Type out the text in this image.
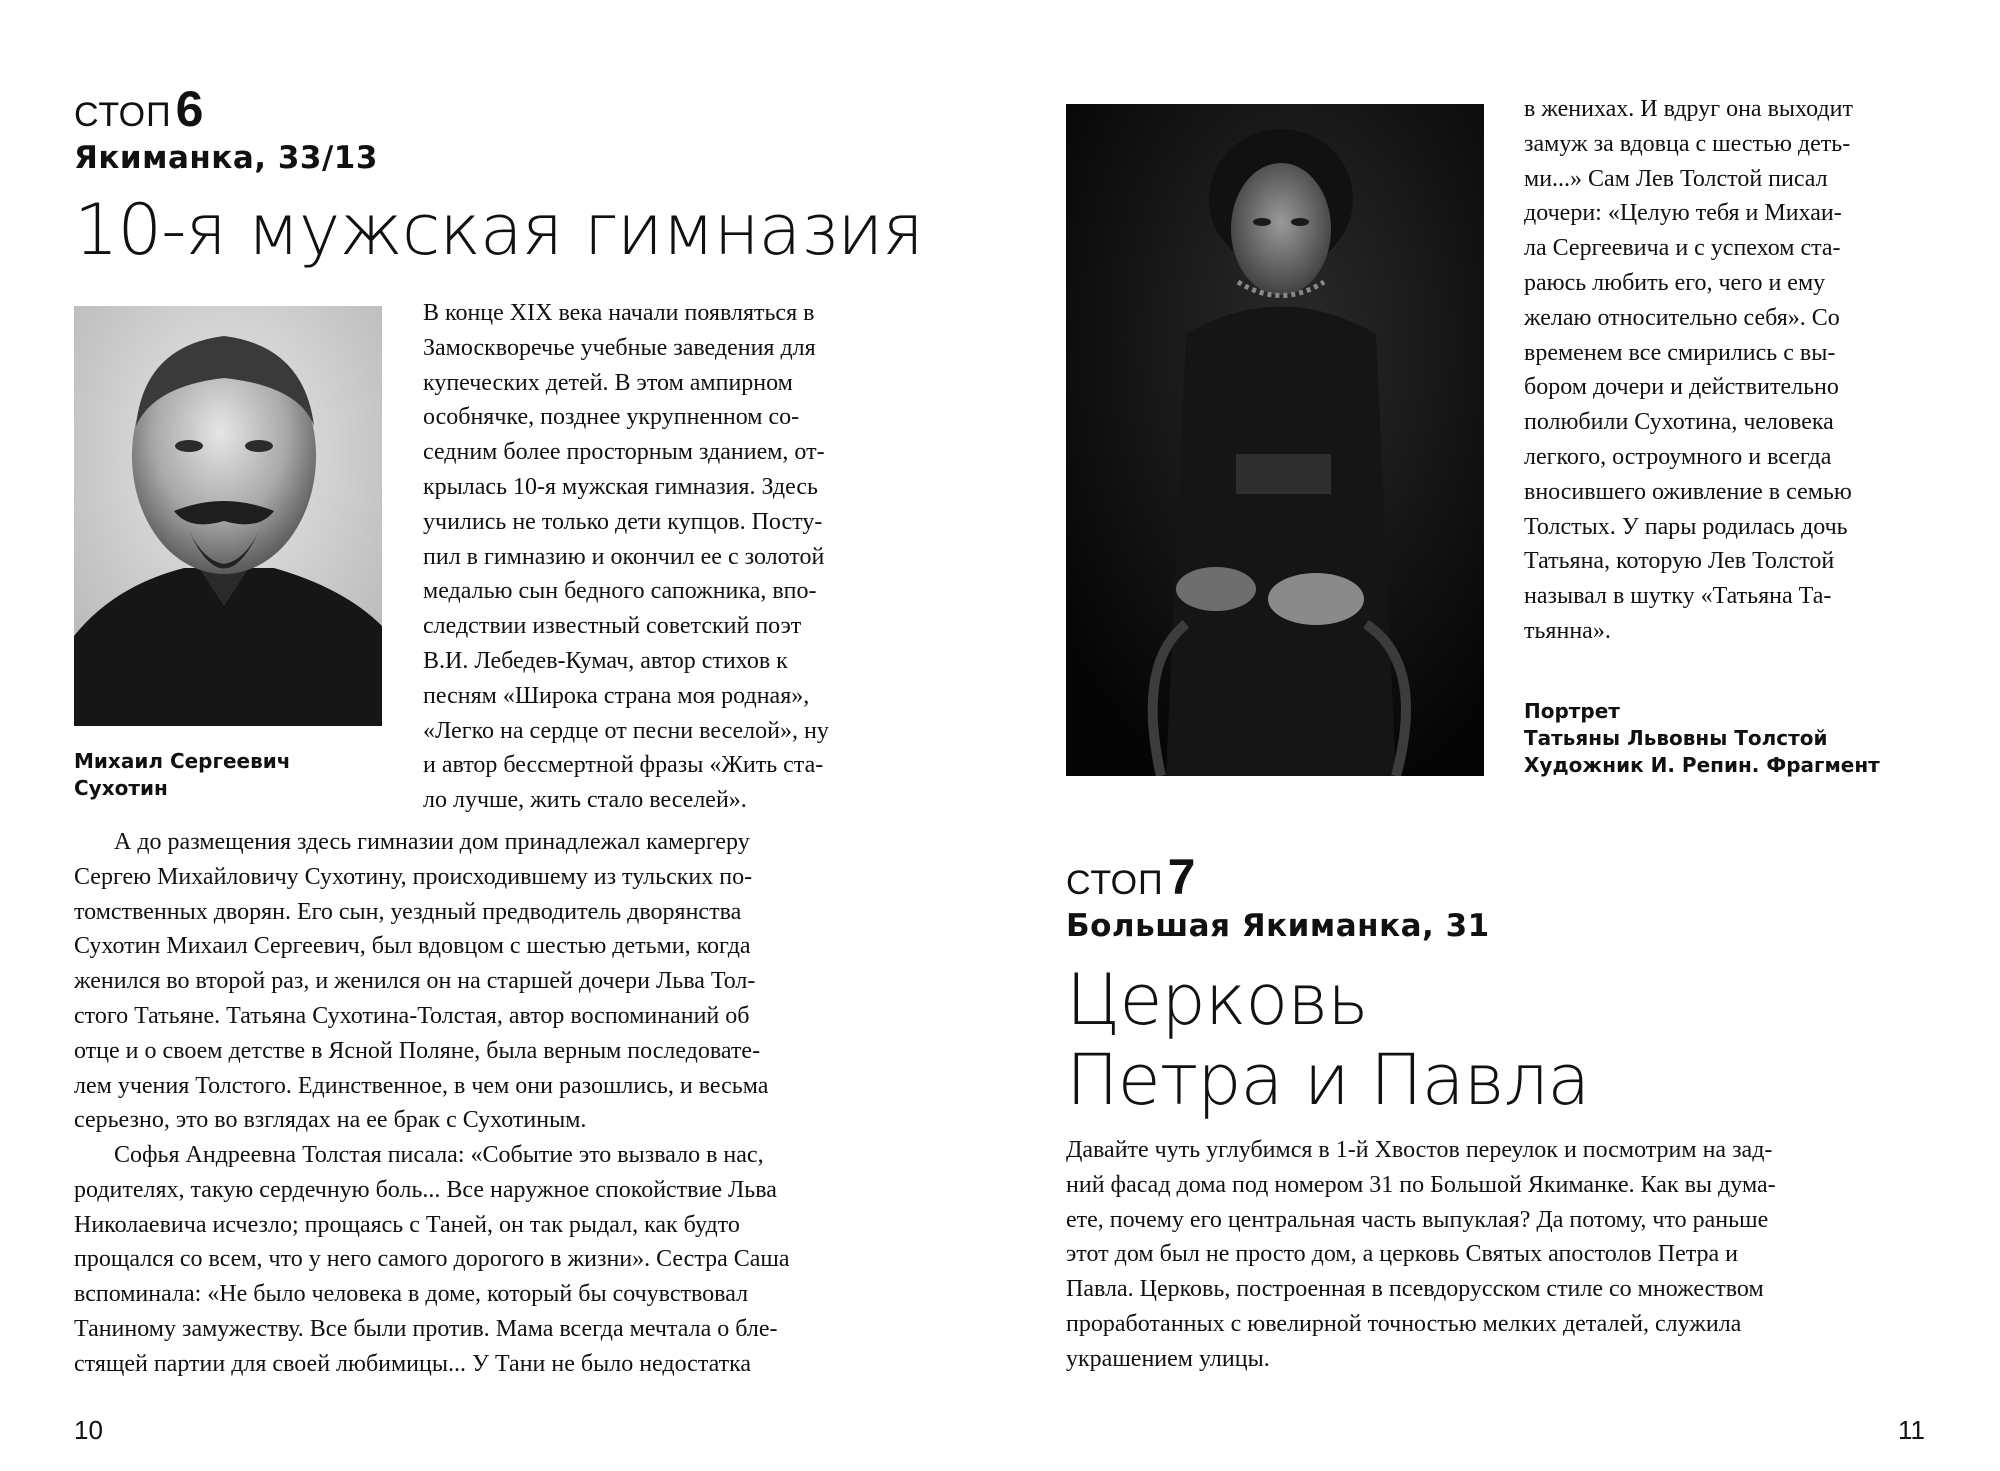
СТОП6
Якиманка, 33/13
10-я мужская гимназия
Михаил Сергеевич
Сухотин
В конце XIX века начали появляться в
Замоскворечье учебные заведения для
купеческих детей. В этом ампирном
особнячке, позднее укрупненном со-
седним более просторным зданием, от-
крылась 10-я мужская гимназия. Здесь
учились не только дети купцов. Посту-
пил в гимназию и окончил ее с золотой
медалью сын бедного сапожника, впо-
следствии известный советский поэт
В.И. Лебедев-Кумач, автор стихов к
песням «Широка страна моя родная»,
«Легко на сердце от песни веселой», ну
и автор бессмертной фразы «Жить ста-
ло лучше, жить стало веселей».
А до размещения здесь гимназии дом принадлежал камергеру
Сергею Михайловичу Сухотину, происходившему из тульских по-
томственных дворян. Его сын, уездный предводитель дворянства
Сухотин Михаил Сергеевич, был вдовцом с шестью детьми, когда
женился во второй раз, и женился он на старшей дочери Льва Тол-
стого Татьяне. Татьяна Сухотина-Толстая, автор воспоминаний об
отце и о своем детстве в Ясной Поляне, была верным последовате-
лем учения Толстого. Единственное, в чем они разошлись, и весьма
серьезно, это во взглядах на ее брак с Сухотиным.
Софья Андреевна Толстая писала: «Событие это вызвало в нас,
родителях, такую сердечную боль... Все наружное спокойствие Льва
Николаевича исчезло; прощаясь с Таней, он так рыдал, как будто
прощался со всем, что у него самого дорогого в жизни». Сестра Саша
вспоминала: «Не было человека в доме, который бы сочувствовал
Таниному замужеству. Все были против. Мама всегда мечтала о бле-
стящей партии для своей любимицы... У Тани не было недостатка
10
в женихах. И вдруг она выходит
замуж за вдовца с шестью деть-
ми...» Сам Лев Толстой писал
дочери: «Целую тебя и Михаи-
ла Сергеевича и с успехом ста-
раюсь любить его, чего и ему
желаю относительно себя». Со
временем все смирились с вы-
бором дочери и действительно
полюбили Сухотина, человека
легкого, остроумного и всегда
вносившего оживление в семью
Толстых. У пары родилась дочь
Татьяна, которую Лев Толстой
называл в шутку «Татьяна Та-
тьянна».
Портрет
Татьяны Львовны Толстой
Художник И. Репин. Фрагмент
СТОП7
Большая Якиманка, 31
Церковь
Петра и Павла
Давайте чуть углубимся в 1-й Хвостов переулок и посмотрим на зад-
ний фасад дома под номером 31 по Большой Якиманке. Как вы дума-
ете, почему его центральная часть выпуклая? Да потому, что раньше
этот дом был не просто дом, а церковь Святых апостолов Петра и
Павла. Церковь, построенная в псевдорусском стиле со множеством
проработанных с ювелирной точностью мелких деталей, служила
украшением улицы.
11
